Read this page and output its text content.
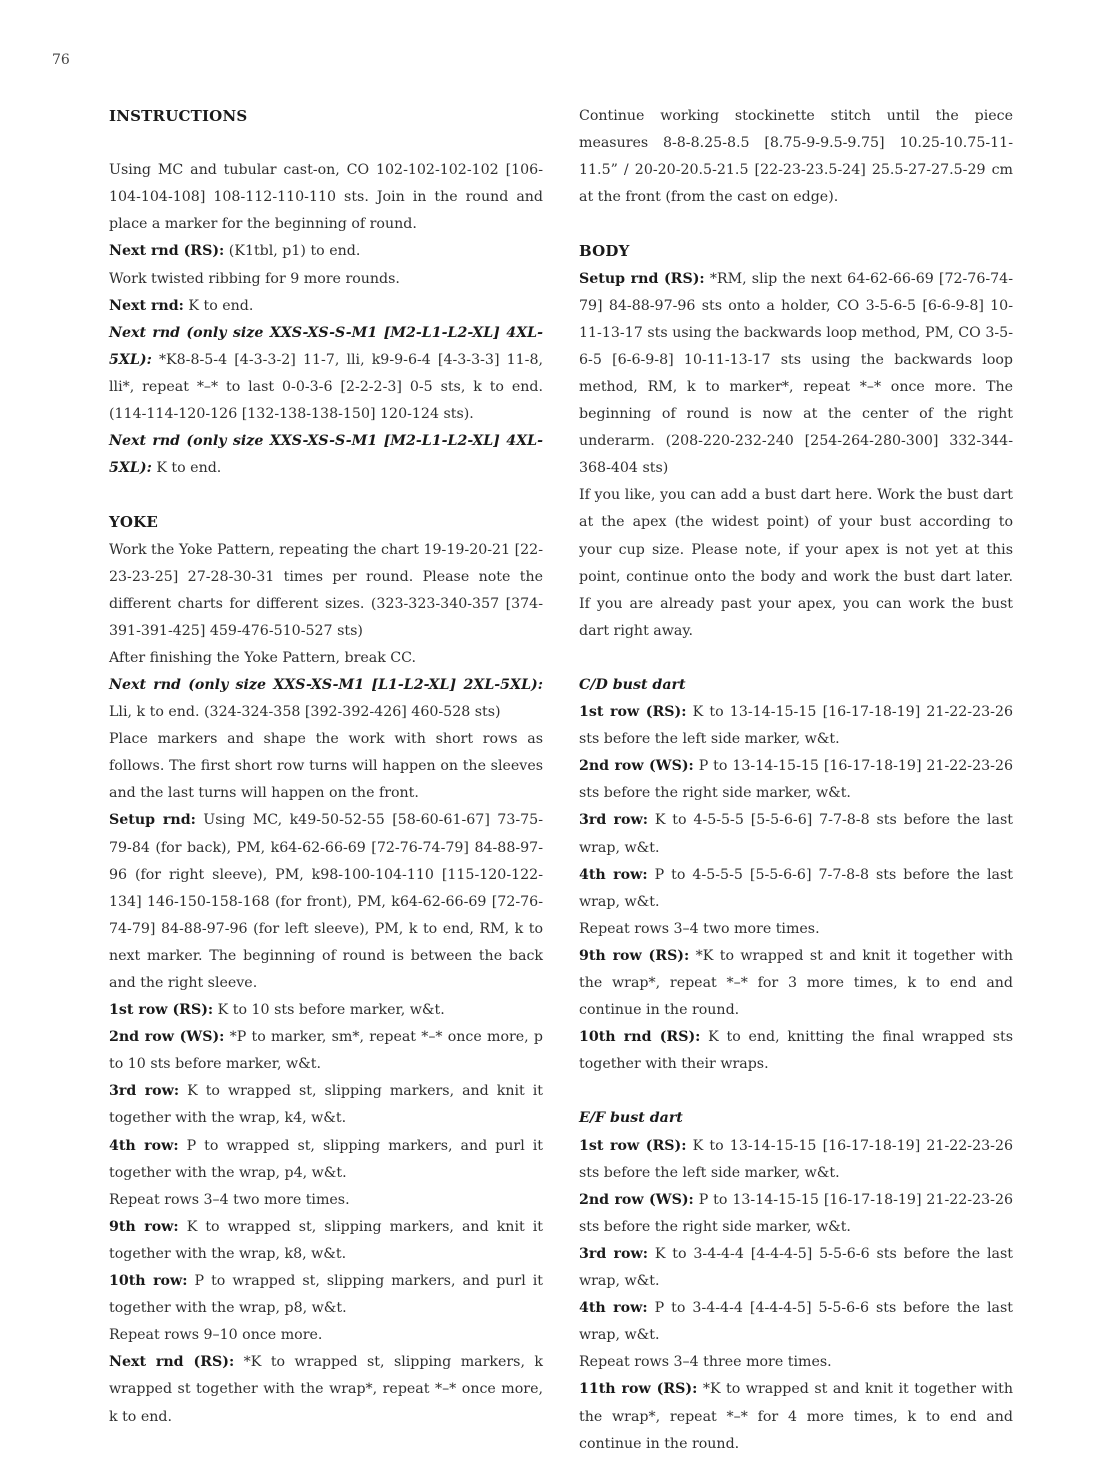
76

INSTRUCTIONS

Using MC and tubular cast-on, CO 102-102-102-102 [106-104-104-108] 108-112-110-110 sts. Join in the round and place a marker for the beginning of round.

Next rnd (RS): (K1tbl, p1) to end.

Work twisted ribbing for 9 more rounds.

Next rnd: K to end.

Next rnd (only size XXS-XS-S-M1 [M2-L1-L2-XL] 4XL-5XL): *K8-8-5-4 [4-3-3-2] 11-7, lli, k9-9-6-4 [4-3-3-3] 11-8, lli*, repeat *–* to last 0-0-3-6 [2-2-2-3] 0-5 sts, k to end. (114-114-120-126 [132-138-138-150] 120-124 sts).

Next rnd (only size XXS-XS-S-M1 [M2-L1-L2-XL] 4XL-5XL): K to end.

YOKE

Work the Yoke Pattern, repeating the chart 19-19-20-21 [22-23-23-25] 27-28-30-31 times per round. Please note the different charts for different sizes. (323-323-340-357 [374-391-391-425] 459-476-510-527 sts)

After finishing the Yoke Pattern, break CC.

Next rnd (only size XXS-XS-M1 [L1-L2-XL] 2XL-5XL): Lli, k to end. (324-324-358 [392-392-426] 460-528 sts)

Place markers and shape the work with short rows as follows. The first short row turns will happen on the sleeves and the last turns will happen on the front.

Setup rnd: Using MC, k49-50-52-55 [58-60-61-67] 73-75-79-84 (for back), PM, k64-62-66-69 [72-76-74-79] 84-88-97-96 (for right sleeve), PM, k98-100-104-110 [115-120-122-134] 146-150-158-168 (for front), PM, k64-62-66-69 [72-76-74-79] 84-88-97-96 (for left sleeve), PM, k to end, RM, k to next marker. The beginning of round is between the back and the right sleeve.

1st row (RS): K to 10 sts before marker, w&t.

2nd row (WS): *P to marker, sm*, repeat *–* once more, p to 10 sts before marker, w&t.

3rd row: K to wrapped st, slipping markers, and knit it together with the wrap, k4, w&t.

4th row: P to wrapped st, slipping markers, and purl it together with the wrap, p4, w&t.

Repeat rows 3–4 two more times.

9th row: K to wrapped st, slipping markers, and knit it together with the wrap, k8, w&t.

10th row: P to wrapped st, slipping markers, and purl it together with the wrap, p8, w&t.

Repeat rows 9–10 once more.

Next rnd (RS): *K to wrapped st, slipping markers, k wrapped st together with the wrap*, repeat *–* once more, k to end.

Continue working stockinette stitch until the piece measures 8-8-8.25-8.5 [8.75-9-9.5-9.75] 10.25-10.75-11-11.5” / 20-20-20.5-21.5 [22-23-23.5-24] 25.5-27-27.5-29 cm at the front (from the cast on edge).

BODY

Setup rnd (RS): *RM, slip the next 64-62-66-69 [72-76-74-79] 84-88-97-96 sts onto a holder, CO 3-5-6-5 [6-6-9-8] 10-11-13-17 sts using the backwards loop method, PM, CO 3-5-6-5 [6-6-9-8] 10-11-13-17 sts using the backwards loop method, RM, k to marker*, repeat *–* once more. The beginning of round is now at the center of the right underarm. (208-220-232-240 [254-264-280-300] 332-344-368-404 sts)

If you like, you can add a bust dart here. Work the bust dart at the apex (the widest point) of your bust according to your cup size. Please note, if your apex is not yet at this point, continue onto the body and work the bust dart later. If you are already past your apex, you can work the bust dart right away.

C/D bust dart

1st row (RS): K to 13-14-15-15 [16-17-18-19] 21-22-23-26 sts before the left side marker, w&t.

2nd row (WS): P to 13-14-15-15 [16-17-18-19] 21-22-23-26 sts before the right side marker, w&t.

3rd row: K to 4-5-5-5 [5-5-6-6] 7-7-8-8 sts before the last wrap, w&t.

4th row: P to 4-5-5-5 [5-5-6-6] 7-7-8-8 sts before the last wrap, w&t.

Repeat rows 3–4 two more times.

9th row (RS): *K to wrapped st and knit it together with the wrap*, repeat *–* for 3 more times, k to end and continue in the round.

10th rnd (RS): K to end, knitting the final wrapped sts together with their wraps.

E/F bust dart

1st row (RS): K to 13-14-15-15 [16-17-18-19] 21-22-23-26 sts before the left side marker, w&t.

2nd row (WS): P to 13-14-15-15 [16-17-18-19] 21-22-23-26 sts before the right side marker, w&t.

3rd row: K to 3-4-4-4 [4-4-4-5] 5-5-6-6 sts before the last wrap, w&t.

4th row: P to 3-4-4-4 [4-4-4-5] 5-5-6-6 sts before the last wrap, w&t.

Repeat rows 3–4 three more times.

11th row (RS): *K to wrapped st and knit it together with the wrap*, repeat *–* for 4 more times, k to end and continue in the round.
